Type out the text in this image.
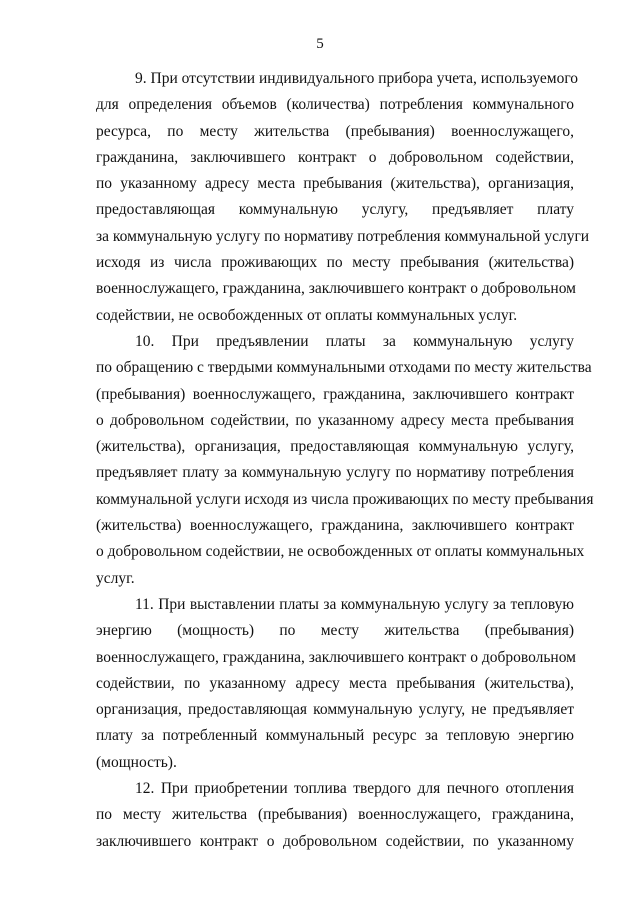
5

9. При отсутствии индивидуального прибора учета, используемого
для определения объемов (количества) потребления коммунального
ресурса, по месту жительства (пребывания) военнослужащего,
гражданина, заключившего контракт о добровольном содействии,
по указанному адресу места пребывания (жительства), организация,
предоставляющая коммунальную услугу, предъявляет плату
за коммунальную услугу по нормативу потребления коммунальной услуги
исходя из числа проживающих по месту пребывания (жительства)
военнослужащего, гражданина, заключившего контракт о добровольном
содействии, не освобожденных от оплаты коммунальных услуг.

10. При предъявлении платы за коммунальную услугу
по обращению с твердыми коммунальными отходами по месту жительства
(пребывания) военнослужащего, гражданина, заключившего контракт
о добровольном содействии, по указанному адресу места пребывания
(жительства), организация, предоставляющая коммунальную услугу,
предъявляет плату за коммунальную услугу по нормативу потребления
коммунальной услуги исходя из числа проживающих по месту пребывания
(жительства) военнослужащего, гражданина, заключившего контракт
о добровольном содействии, не освобожденных от оплаты коммунальных
услуг.

11. При выставлении платы за коммунальную услугу за тепловую
энергию (мощность) по месту жительства (пребывания)
военнослужащего, гражданина, заключившего контракт о добровольном
содействии, по указанному адресу места пребывания (жительства),
организация, предоставляющая коммунальную услугу, не предъявляет
плату за потребленный коммунальный ресурс за тепловую энергию
(мощность).

12. При приобретении топлива твердого для печного отопления
по месту жительства (пребывания) военнослужащего, гражданина,
заключившего контракт о добровольном содействии, по указанному
